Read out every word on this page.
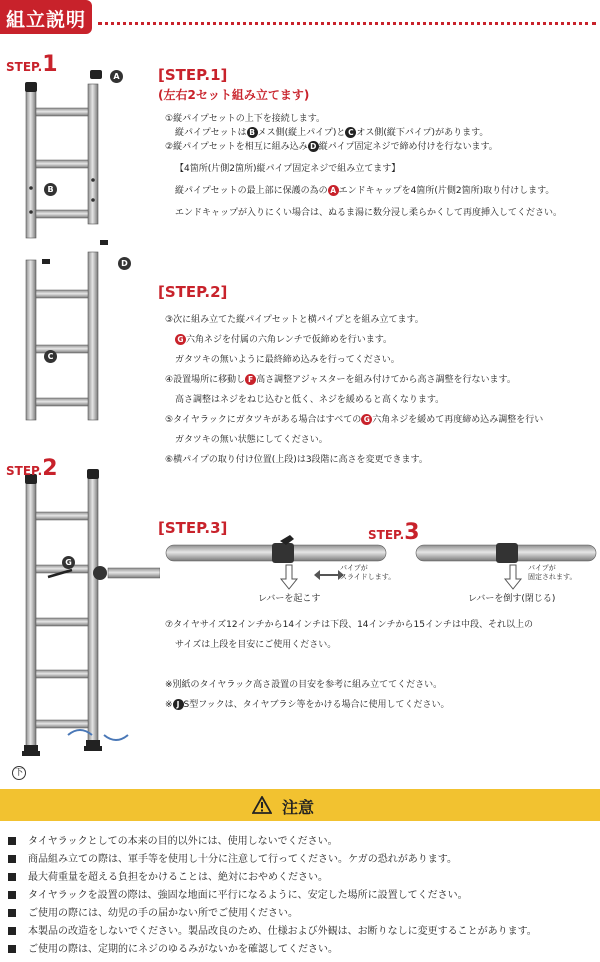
組立説明
STEP.1
STEP.2
A
B
D
C
G
下
[STEP.1]
(左右2セット組み立てます)
①縦パイプセットの上下を接続します。
縦パイプセットは B メス側(縦上パイプ)と C オス側(縦下パイプ)があります。
②縦パイプセットを相互に組み込み D 縦パイプ固定ネジで締め付けを行ないます。
【4箇所(片側2箇所)縦パイプ固定ネジで組み立てます】
縦パイプセットの最上部に保護の為の A エンドキャップを4箇所(片側2箇所)取り付けします。
エンドキャップが入りにくい場合は、ぬるま湯に数分浸し柔らかくして再度挿入してください。
[STEP.2]
③次に組み立てた縦パイプセットと横パイプとを組み立てます。
G 六角ネジを付属の六角レンチで仮締めを行います。
ガタツキの無いように最終締め込みを行ってください。
④設置場所に移動し F 高さ調整アジャスターを組み付けてから高さ調整を行ないます。
高さ調整はネジをねじ込むと低く、ネジを緩めると高くなります。
⑤タイヤラックにガタツキがある場合はすべての G 六角ネジを緩めて再度締め込み調整を行い
ガタツキの無い状態にしてください。
⑥横パイプの取り付け位置(上段)は3段階に高さを変更できます。
[STEP.3]	STEP.3
パイプが
スライドします。
パイプが
固定されます。
レバーを起こす	レバーを倒す(閉じる)
⑦タイヤサイズ12インチから14インチは下段、14インチから15インチは中段、それ以上の
サイズは上段を目安にご使用ください。
※別紙のタイヤラック高さ設置の目安を参考に組み立ててください。
※ J S型フックは、タイヤブラシ等をかける場合に使用してください。
注意
タイヤラックとしての本来の目的以外には、使用しないでください。
商品組み立ての際は、軍手等を使用し十分に注意して行ってください。ケガの恐れがあります。
最大荷重量を超える負担をかけることは、絶対におやめください。
タイヤラックを設置の際は、強固な地面に平行になるように、安定した場所に設置してください。
ご使用の際には、幼児の手の届かない所でご使用ください。
本製品の改造をしないでください。製品改良のため、仕様および外観は、お断りなしに変更することがあります。
ご使用の際は、定期的にネジのゆるみがないかを確認してください。
